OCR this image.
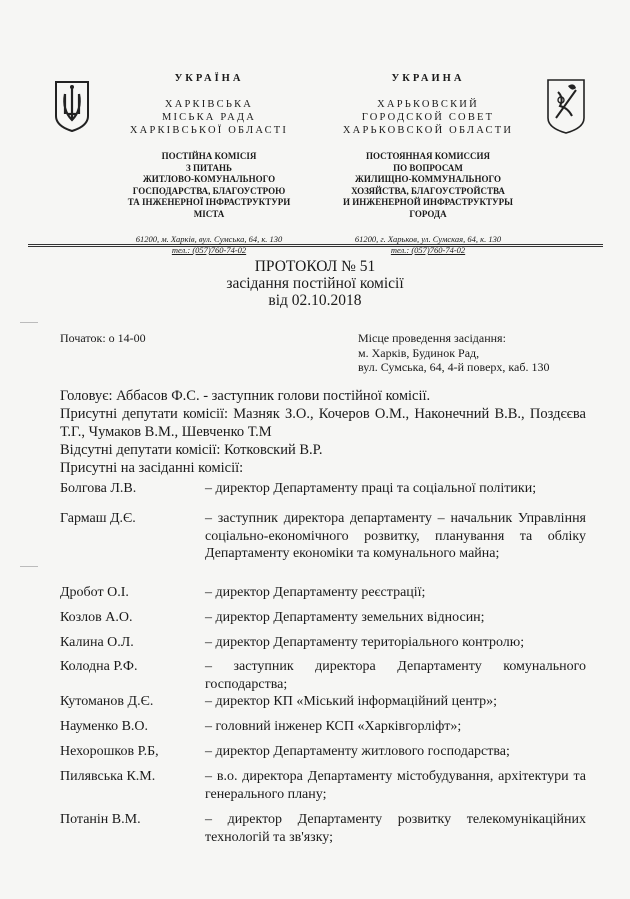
УКРАЇНА
ХАРКІВСЬКА
МІСЬКА РАДА
ХАРКІВСЬКОЇ ОБЛАСТІ
ПОСТІЙНА КОМІСІЯ
З ПИТАНЬ
ЖИТЛОВО-КОМУНАЛЬНОГО
ГОСПОДАРСТВА, БЛАГОУСТРОЮ
ТА ІНЖЕНЕРНОЇ ІНФРАСТРУКТУРИ
МІСТА
61200, м. Харків, вул. Сумська, 64, к. 130
тел.: (057)760-74-02
УКРАИНА
ХАРЬКОВСКИЙ
ГОРОДСКОЙ СОВЕТ
ХАРЬКОВСКОЙ ОБЛАСТИ
ПОСТОЯННАЯ КОМИССИЯ
ПО ВОПРОСАМ
ЖИЛИЩНО-КОММУНАЛЬНОГО
ХОЗЯЙСТВА, БЛАГОУСТРОЙСТВА
И ИНЖЕНЕРНОЙ ИНФРАСТРУКТУРЫ
ГОРОДА
61200, г. Харьков, ул. Сумская, 64, к. 130
тел.: (057)760-74-02
ПРОТОКОЛ № 51
засідання постійної комісії
від 02.10.2018
Початок: о 14-00	Місце проведення засідання:
м. Харків, Будинок Рад,
вул. Сумська, 64, 4-й поверх, каб. 130

Головує: Аббасов Ф.С. - заступник голови постійної комісії.

Присутні депутати комісії: Мазняк З.О., Кочеров О.М., Наконечний В.В., Поздєєва Т.Г., Чумаков В.М., Шевченко Т.М

Відсутні депутати комісії: Котковский В.Р.

Присутні на засіданні комісії:

Болгова Л.В.	– директор Департаменту праці та соціальної політики;
Гармаш Д.Є.	– заступник директора департаменту – начальник Управління соціально-економічного розвитку, планування та обліку Департаменту економіки та комунального майна;
Дробот О.І.	– директор Департаменту реєстрації;
Козлов А.О.	– директор Департаменту земельних відносин;
Калина О.Л.	– директор Департаменту територіального контролю;
Колодна Р.Ф.	– заступник директора Департаменту комунального господарства;
Кутоманов Д.Є.	– директор КП «Міський інформаційний центр»;
Науменко В.О.	– головний інженер КСП «Харківгорліфт»;
Нехорошков Р.Б,	– директор Департаменту житлового господарства;
Пилявська К.М.	– в.о. директора Департаменту містобудування, архітектури та генерального плану;
Потанін В.М.	– директор Департаменту розвитку телекомунікаційних технологій та зв'язку;
